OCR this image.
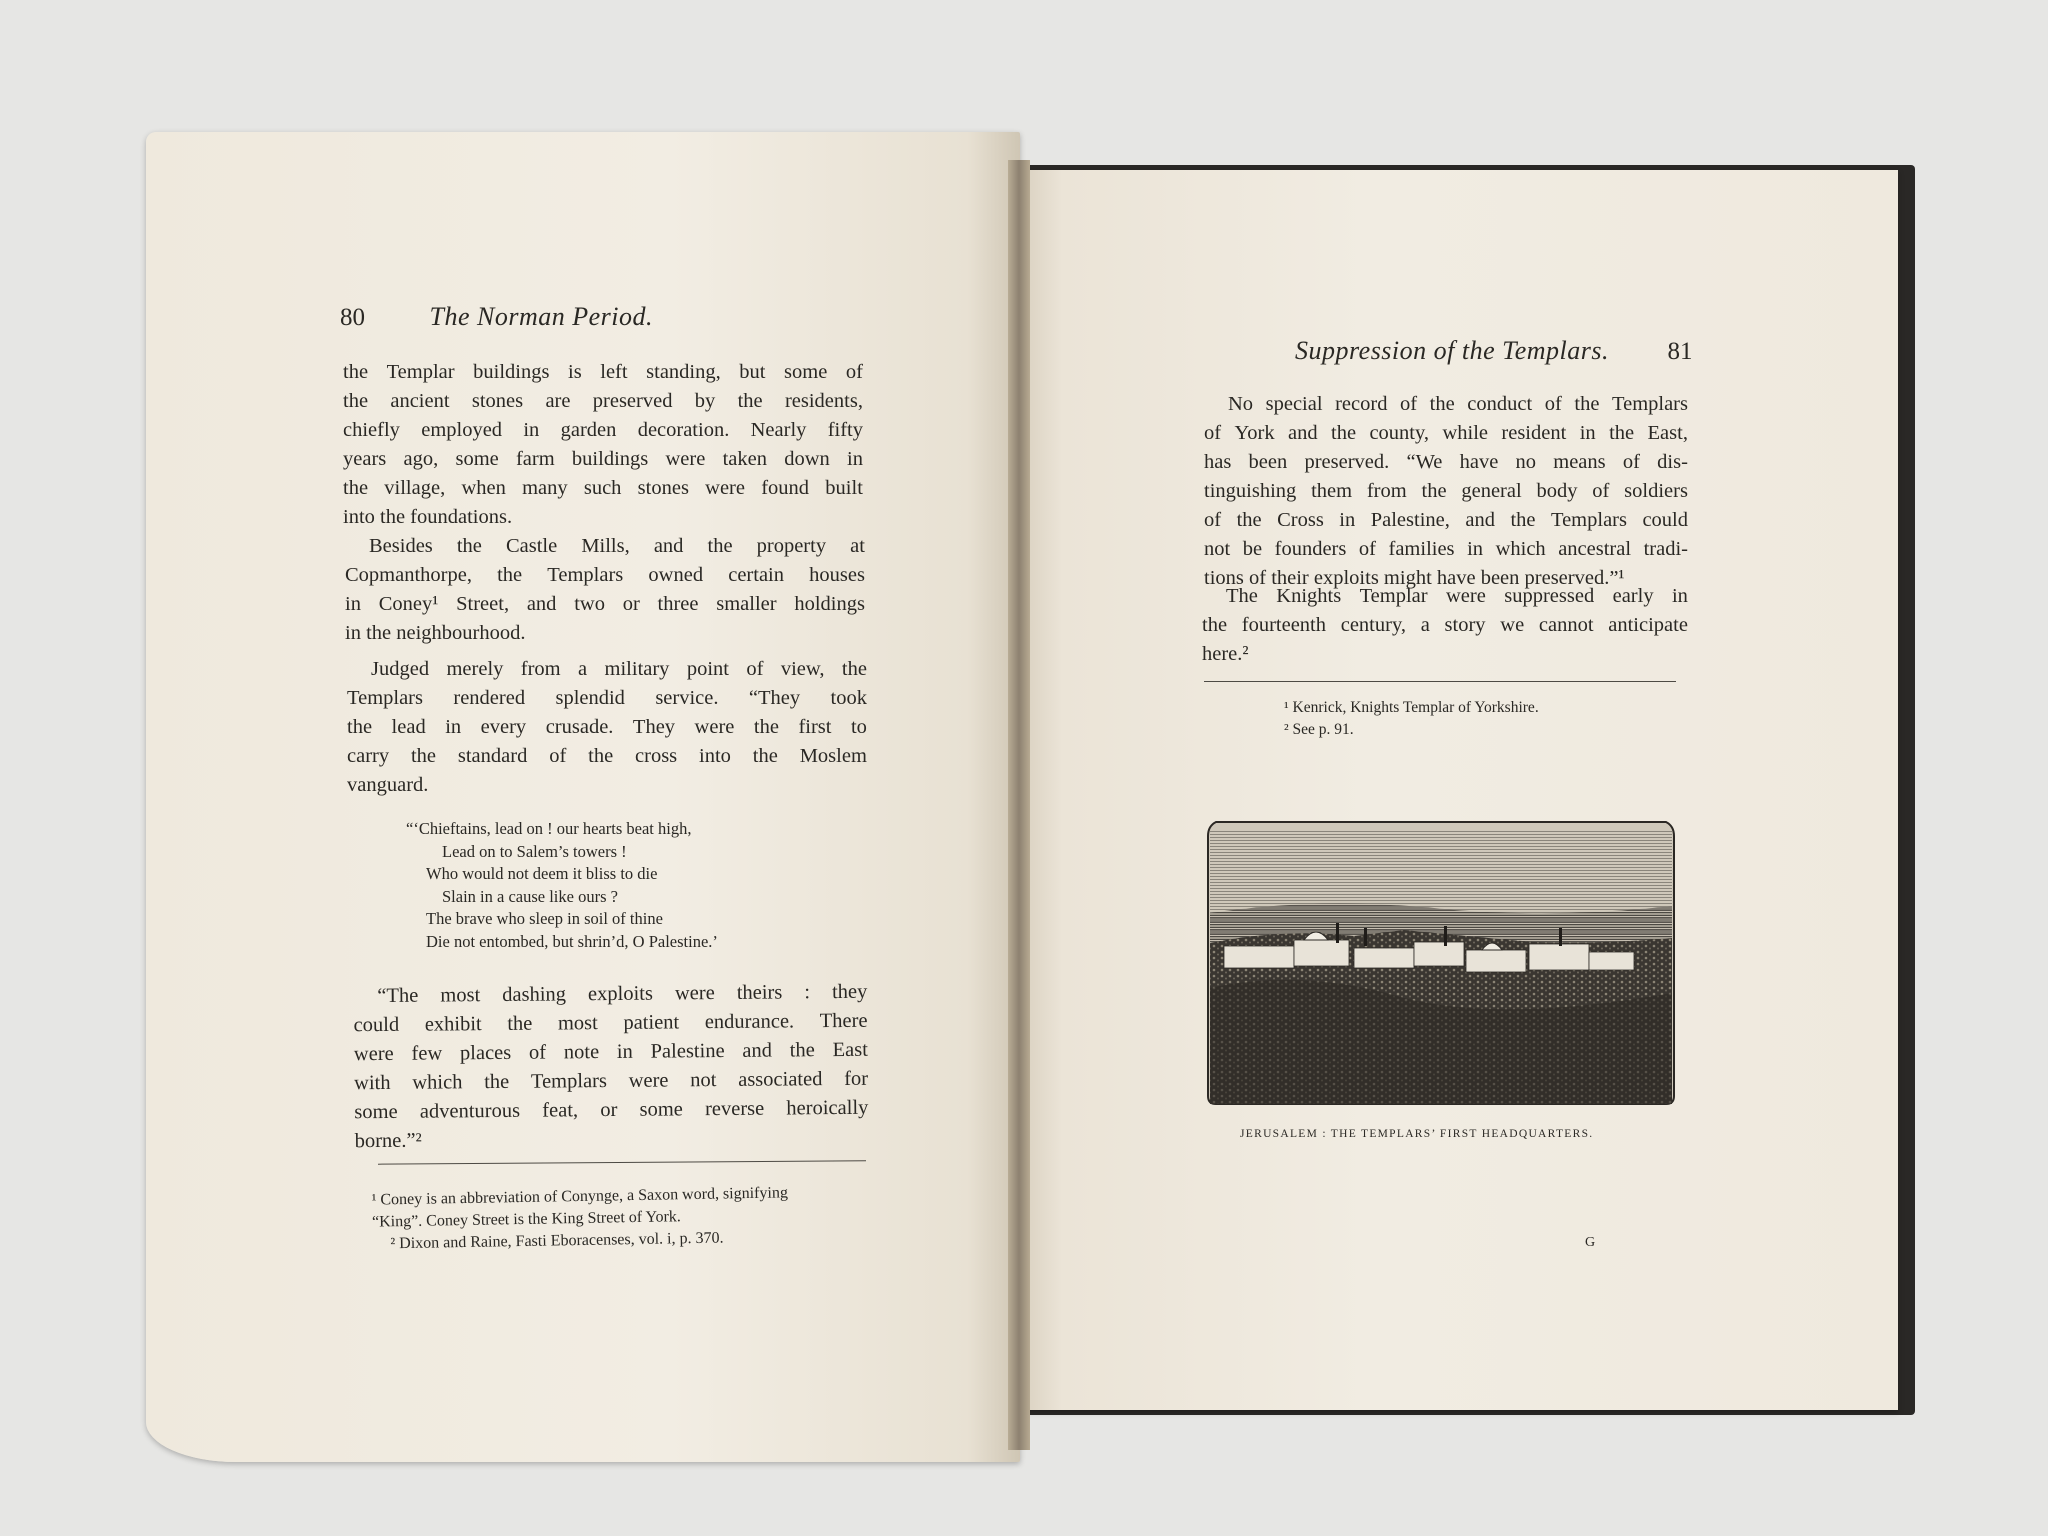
80 The Norman Period.
the Templar buildings is left standing, but some of
the ancient stones are preserved by the residents,
chiefly employed in garden decoration. Nearly fifty
years ago, some farm buildings were taken down in
the village, when many such stones were found built
into the foundations.
Besides the Castle Mills, and the property at
Copmanthorpe, the Templars owned certain houses
in Coney¹ Street, and two or three smaller holdings
in the neighbourhood.
Judged merely from a military point of view, the
Templars rendered splendid service. “They took
the lead in every crusade. They were the first to
carry the standard of the cross into the Moslem
vanguard.
“‘Chieftains, lead on ! our hearts beat high,
Lead on to Salem’s towers !
Who would not deem it bliss to die
Slain in a cause like ours ?
The brave who sleep in soil of thine
Die not entombed, but shrin’d, O Palestine.’
“The most dashing exploits were theirs : they
could exhibit the most patient endurance. There
were few places of note in Palestine and the East
with which the Templars were not associated for
some adventurous feat, or some reverse heroically
borne.”²
¹ Coney is an abbreviation of Conynge, a Saxon word, signifying
“King”. Coney Street is the King Street of York.
² Dixon and Raine, Fasti Eboracenses, vol. i, p. 370.
Suppression of the Templars. 81
No special record of the conduct of the Templars
of York and the county, while resident in the East,
has been preserved. “We have no means of dis-
tinguishing them from the general body of soldiers
of the Cross in Palestine, and the Templars could
not be founders of families in which ancestral tradi-
tions of their exploits might have been preserved.”¹
The Knights Templar were suppressed early in
the fourteenth century, a story we cannot anticipate
here.²
¹ Kenrick, Knights Templar of Yorkshire.
² See p. 91.
JERUSALEM : THE TEMPLARS’ FIRST HEADQUARTERS.
G
